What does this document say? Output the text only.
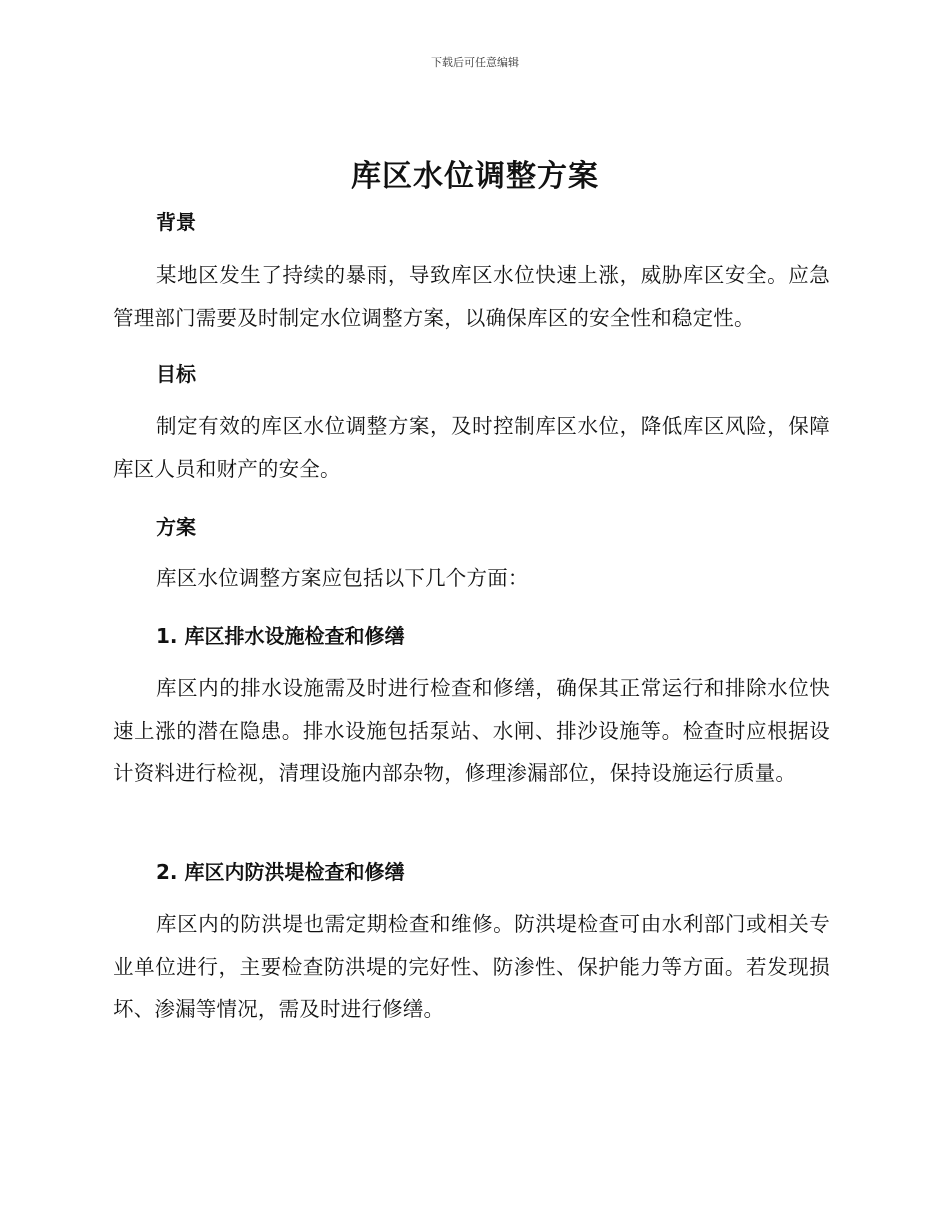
下载后可任意编辑
库区水位调整方案
背景

某地区发生了持续的暴雨，导致库区水位快速上涨，威胁库区安全。应急管理部门需要及时制定水位调整方案，以确保库区的安全性和稳定性。

目标

制定有效的库区水位调整方案，及时控制库区水位，降低库区风险，保障库区人员和财产的安全。

方案

库区水位调整方案应包括以下几个方面：

1. 库区排水设施检查和修缮

库区内的排水设施需及时进行检查和修缮，确保其正常运行和排除水位快速上涨的潜在隐患。排水设施包括泵站、水闸、排沙设施等。检查时应根据设计资料进行检视，清理设施内部杂物，修理渗漏部位，保持设施运行质量。

2. 库区内防洪堤检查和修缮

库区内的防洪堤也需定期检查和维修。防洪堤检查可由水利部门或相关专业单位进行，主要检查防洪堤的完好性、防渗性、保护能力等方面。若发现损坏、渗漏等情况，需及时进行修缮。
